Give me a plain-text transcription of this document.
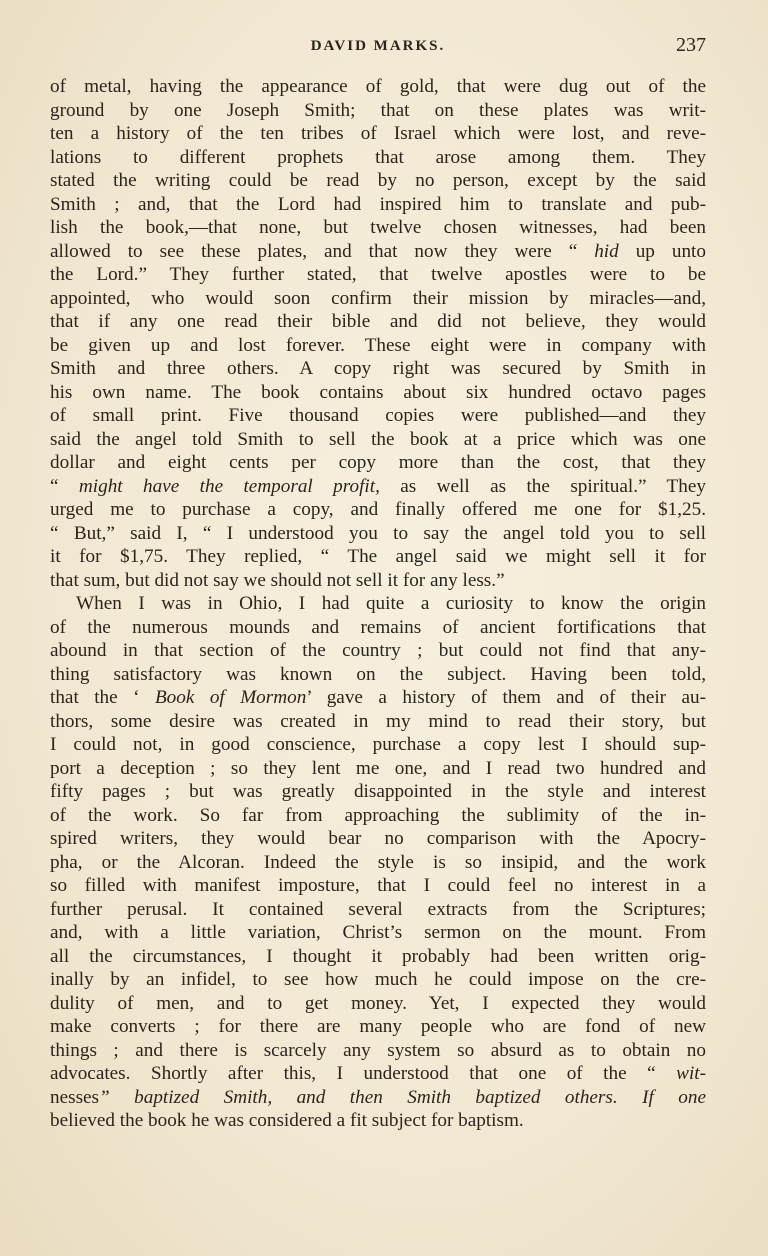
DAVID MARKS.	237
of metal, having the appearance of gold, that were dug out of the
ground by one Joseph Smith; that on these plates was writ-
ten a history of the ten tribes of Israel which were lost, and reve-
lations to different prophets that arose among them. They
stated the writing could be read by no person, except by the said
Smith ; and, that the Lord had inspired him to translate and pub-
lish the book,—that none, but twelve chosen witnesses, had been
allowed to see these plates, and that now they were “ hid up unto
the Lord.” They further stated, that twelve apostles were to be
appointed, who would soon confirm their mission by miracles—and,
that if any one read their bible and did not believe, they would
be given up and lost forever. These eight were in company with
Smith and three others. A copy right was secured by Smith in
his own name. The book contains about six hundred octavo pages
of small print. Five thousand copies were published—and they
said the angel told Smith to sell the book at a price which was one
dollar and eight cents per copy more than the cost, that they
“ might have the temporal profit, as well as the spiritual.” They
urged me to purchase a copy, and finally offered me one for $1,25.
“ But,” said I, “ I understood you to say the angel told you to sell
it for $1,75. They replied, “ The angel said we might sell it for
that sum, but did not say we should not sell it for any less.”
When I was in Ohio, I had quite a curiosity to know the origin
of the numerous mounds and remains of ancient fortifications that
abound in that section of the country ; but could not find that any-
thing satisfactory was known on the subject. Having been told,
that the ‘ Book of Mormon’ gave a history of them and of their au-
thors, some desire was created in my mind to read their story, but
I could not, in good conscience, purchase a copy lest I should sup-
port a deception ; so they lent me one, and I read two hundred and
fifty pages ; but was greatly disappointed in the style and interest
of the work. So far from approaching the sublimity of the in-
spired writers, they would bear no comparison with the Apocry-
pha, or the Alcoran. Indeed the style is so insipid, and the work
so filled with manifest imposture, that I could feel no interest in a
further perusal. It contained several extracts from the Scriptures;
and, with a little variation, Christ’s sermon on the mount. From
all the circumstances, I thought it probably had been written orig-
inally by an infidel, to see how much he could impose on the cre-
dulity of men, and to get money. Yet, I expected they would
make converts ; for there are many people who are fond of new
things ; and there is scarcely any system so absurd as to obtain no
advocates. Shortly after this, I understood that one of the “ wit-
nesses” baptized Smith, and then Smith baptized others. If one
believed the book he was considered a fit subject for baptism.
